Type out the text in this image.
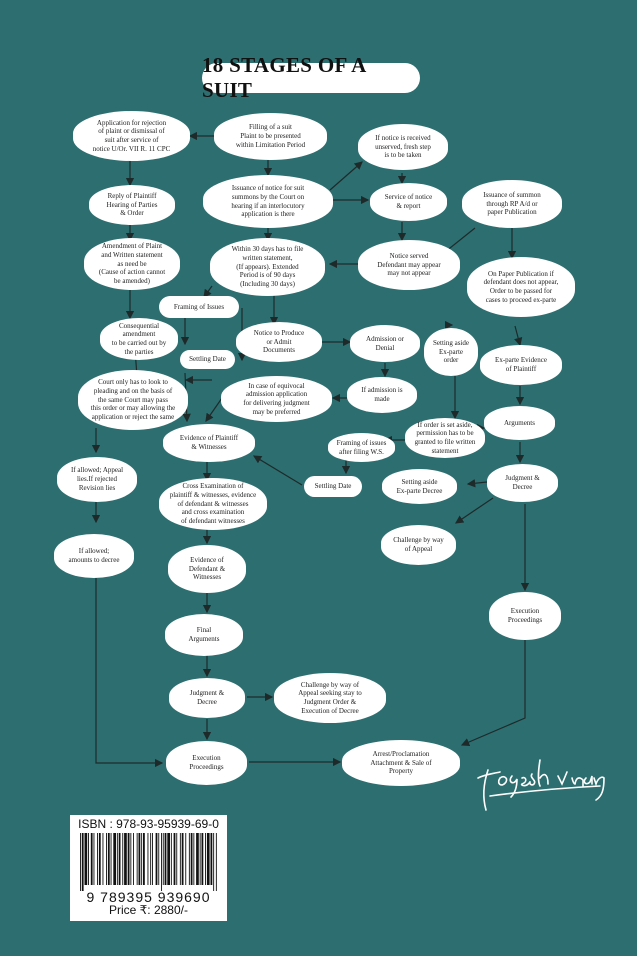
18 STAGES OF A SUIT
Application for rejection
of plaint or dismissal of
suit after service of
notice U/Or. VII R. 11 CPC
Filling of a suit
Plaint to be presented
within Limitation Period
If notice is received
unserved, fresh step
is to be taken
Reply of Plaintiff
Hearing of Parties
& Order
Issuance of notice for suit
summons by the Court on
hearing if an interlocutory
application is there
Service of notice
& report
Issuance of summon
through RP A/d or
paper Publication
Amendment of Plaint
and Written statement
as need be
(Cause of action cannot
be amended)
Within 30 days has to file
written statement,
(If appears). Extended
Period is of 90 days
(Including 30 days)
Notice served
Defendant may appear
may not appear	On Paper Publication if
defendant does not appear,
Order to be passed for
cases to proceed ex-parte
Framing of Issues
Consequential
amendment
to be carried out by
the parties
Notice to Produce
or Admit
Documents
Admission or
Denial
Setting aside
Ex-parte
order	Ex-parte Evidence
of Plaintiff
Settling Date
Court only has to look to
pleading and on the basis of
the same Court may pass
this order or may allowing the
application or reject the same
In case of equivocal
admission application
for delivering judgment
may be preferred
If admission is
made
Arguments
If order is set aside,
permission has to be
granted to file written
statement
Evidence of Plaintiff
& Witnesses
Framing of issues
after filing W.S.
If allowed; Appeal
lies.If rejected
Revision lies	Settling Date
Setting aside
Ex-parte Decree
Judgment &
Decree
Cross Examination of
plaintiff & witnesses, evidence
of defendant & witnesses
and cross examination
of defendant witnesses
Challenge by way
of Appeal
If allowed;
amounts to decree	Evidence of
Defendant &
Witnesses
Execution
Proceedings
Final
Arguments
Judgment &
Decree
Challenge by way of
Appeal seeking stay to
Judgment Order &
Execution of Decree
Execution
Proceedings
Arrest/Proclamation
Attachment & Sale of
Property
ISBN : 978-93-95939-69-0
9 789395 939690
Price ₹: 2880/-
